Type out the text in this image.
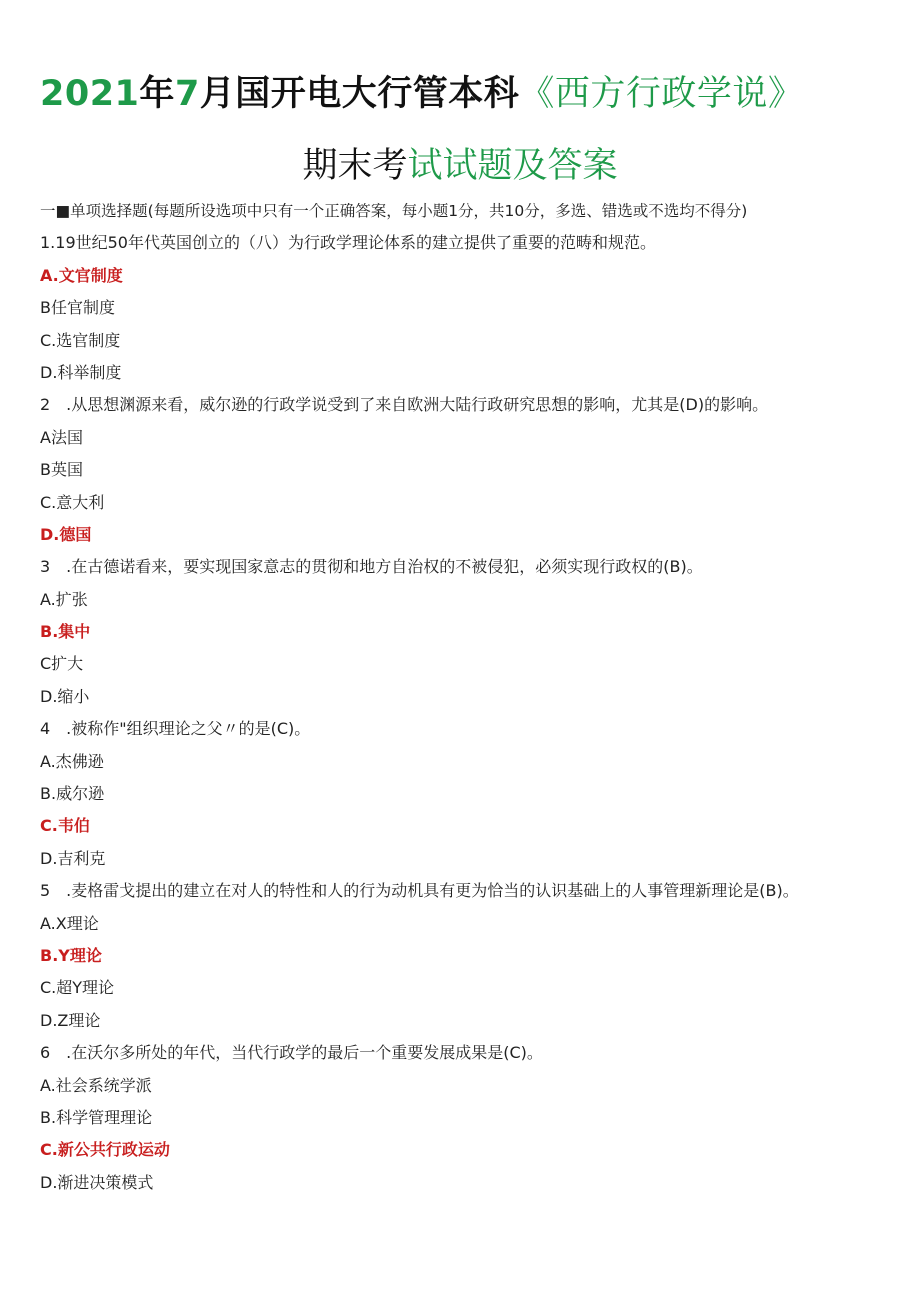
2021年7月国开电大行管本科《西方行政学说》
期末考试试题及答案
一■单项选择题(每题所设选项中只有一个正确答案，每小题1分，共10分，多选、错选或不选均不得分)
1.19世纪50年代英国创立的（八）为行政学理论体系的建立提供了重要的范畴和规范。
A.文官制度
B任官制度
C.选官制度
D.科举制度
2　.从思想渊源来看，威尔逊的行政学说受到了来自欧洲大陆行政研究思想的影响，尤其是(D)的影响。
A法国
B英国
C.意大利
D.德国
3　.在古德诺看来，要实现国家意志的贯彻和地方自治权的不被侵犯，必须实现行政权的(B)。
A.扩张
B.集中
C扩大
D.缩小
4　.被称作"组织理论之父〃的是(C)。
A.杰佛逊
B.威尔逊
C.韦伯
D.吉利克
5　.麦格雷戈提出的建立在对人的特性和人的行为动机具有更为恰当的认识基础上的人事管理新理论是(B)。
A.X理论
B.Y理论
C.超Y理论
D.Z理论
6　.在沃尔多所处的年代，当代行政学的最后一个重要发展成果是(C)。
A.社会系统学派
B.科学管理理论
C.新公共行政运动
D.渐进决策模式
